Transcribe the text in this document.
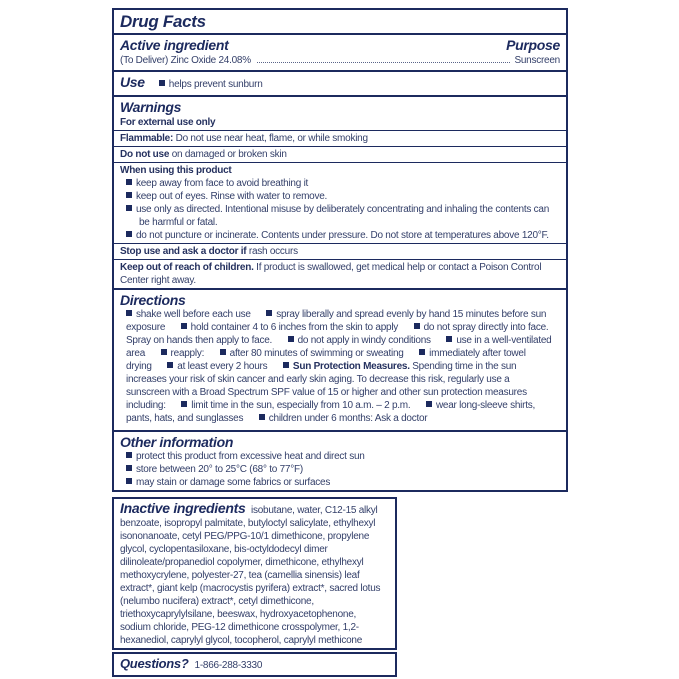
Drug Facts
Active ingredient	Purpose
(To Deliver) Zinc Oxide 24.08%	Sunscreen
Use helps prevent sunburn
Warnings
For external use only
Flammable: Do not use near heat, flame, or while smoking
Do not use on damaged or broken skin
When using this product
keep away from face to avoid breathing it
keep out of eyes. Rinse with water to remove.
use only as directed. Intentional misuse by deliberately concentrating and inhaling the contents can be harmful or fatal.
do not puncture or incinerate. Contents under pressure. Do not store at temperatures above 120°F.
Stop use and ask a doctor if rash occurs
Keep out of reach of children. If product is swallowed, get medical help or contact a Poison Control Center right away.
Directions
shake well before each use	spray liberally and spread evenly by hand 15 minutes before sun exposure	hold container 4 to 6 inches from the skin to apply	do not spray directly into face. Spray on hands then apply to face.	do not apply in windy conditions	use in a well-ventilated area	reapply:	after 80 minutes of swimming or sweating	immediately after towel drying	at least every 2 hours	Sun Protection Measures. Spending time in the sun increases your risk of skin cancer and early skin aging. To decrease this risk, regularly use a sunscreen with a Broad Spectrum SPF value of 15 or higher and other sun protection measures including:	limit time in the sun, especially from 10 a.m. – 2 p.m.	wear long-sleeve shirts, pants, hats, and sunglasses	children under 6 months: Ask a doctor
Other information
protect this product from excessive heat and direct sun
store between 20° to 25°C (68° to 77°F)
may stain or damage some fabrics or surfaces
Inactive ingredients isobutane, water, C12-15 alkyl benzoate, isopropyl palmitate, butyloctyl salicylate, ethylhexyl isononanoate, cetyl PEG/PPG-10/1 dimethicone, propylene glycol, cyclopentasiloxane, bis-octyldodecyl dimer dilinoleate/propanediol copolymer, dimethicone, ethylhexyl methoxycrylene, polyester-27, tea (camellia sinensis) leaf extract*, giant kelp (macrocystis pyrifera) extract*, sacred lotus (nelumbo nucifera) extract*, cetyl dimethicone, triethoxycaprylylsilane, beeswax, hydroxyacetophenone, sodium chloride, PEG-12 dimethicone crosspolymer, 1,2-hexanediol, caprylyl glycol, tocopherol, caprylyl methicone
Questions? 1-866-288-3330
